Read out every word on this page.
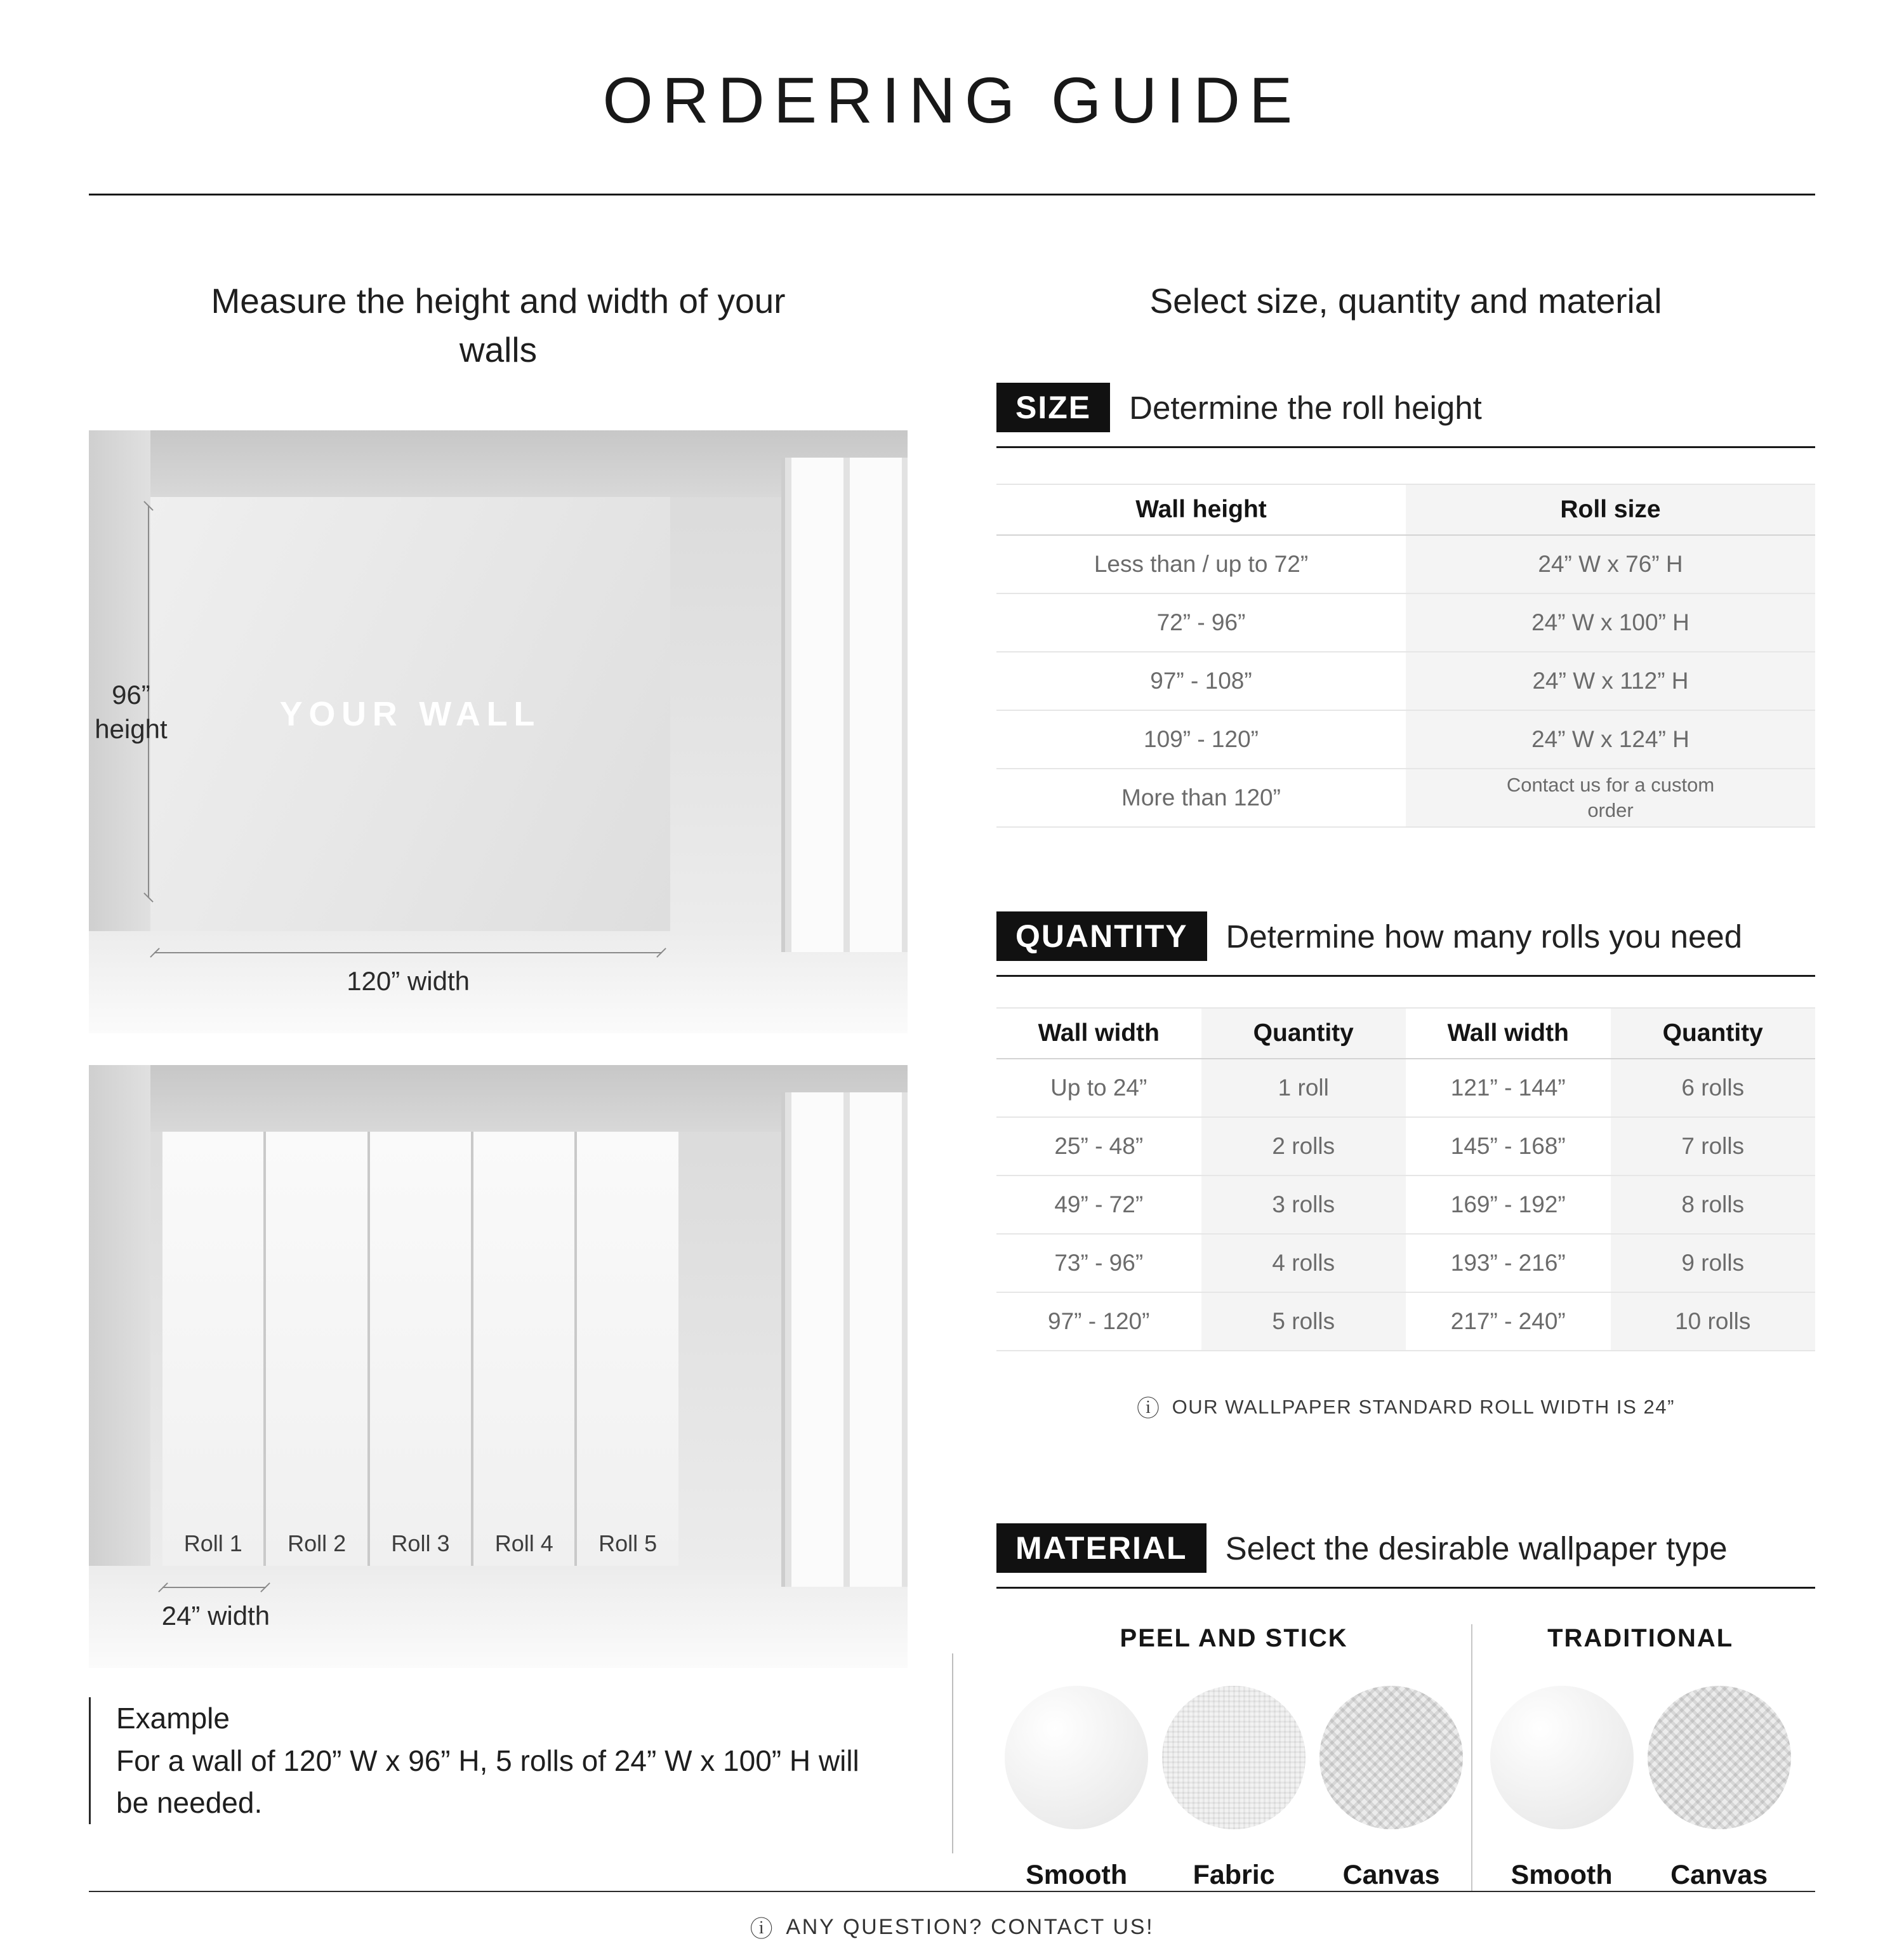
ORDERING GUIDE
Measure the height and width of your walls
YOUR WALL
96”
height
120” width
Roll 1	Roll 2	Roll 3	Roll 4	Roll 5
24” width
Example
For a wall of 120” W x 96” H, 5 rolls of 24” W x 100” H will be needed.
Select size, quantity and material
SIZE	Determine the roll height
Wall height	Roll size
Less than / up to 72”	24” W x 76” H
72” - 96”	24” W x 100” H
97” - 108”	24” W x 112” H
109” - 120”	24” W x 124” H
More than 120”	Contact us for a custom order
QUANTITY	Determine how many rolls you need
Wall width	Quantity	Wall width	Quantity
Up to 24”	1 roll	121” - 144”	6 rolls
25” - 48”	2 rolls	145” - 168”	7 rolls
49” - 72”	3 rolls	169” - 192”	8 rolls
73” - 96”	4 rolls	193” - 216”	9 rolls
97” - 120”	5 rolls	217” - 240”	10 rolls
ⓘ OUR WALLPAPER STANDARD ROLL WIDTH IS 24”
MATERIAL	Select the desirable wallpaper type
PEEL AND STICK
Smooth Fabric Canvas
TRADITIONAL
Smooth Canvas
ⓘ ANY QUESTION? CONTACT US!
